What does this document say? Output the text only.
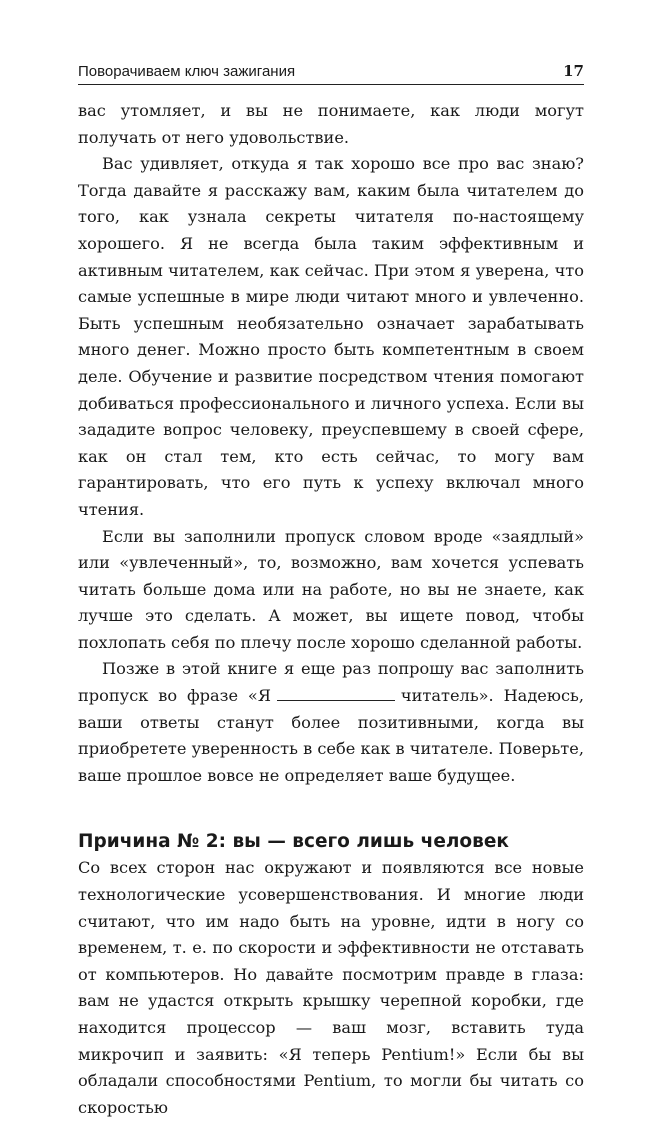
Поворачиваем ключ зажигания	17

вас утомляет, и вы не понимаете, как люди могут получать от него удовольствие.

Вас удивляет, откуда я так хорошо все про вас знаю? Тогда давайте я расскажу вам, каким была читателем до того, как узнала секреты читателя по-настоящему хорошего. Я не всегда была таким эффективным и активным читателем, как сейчас. При этом я уверена, что самые успешные в мире люди читают много и увлеченно. Быть успешным необязательно означает зарабатывать много денег. Можно просто быть компетентным в своем деле. Обучение и развитие посредством чтения помогают добиваться профессионального и личного успеха. Если вы зададите вопрос человеку, преуспевшему в своей сфере, как он стал тем, кто есть сейчас, то могу вам гарантировать, что его путь к успеху включал много чтения.

Если вы заполнили пропуск словом вроде «заядлый» или «увлеченный», то, возможно, вам хочется успевать читать больше дома или на работе, но вы не знаете, как лучше это сделать. А может, вы ищете повод, чтобы похлопать себя по плечу после хорошо сделанной работы.

Позже в этой книге я еще раз попрошу вас заполнить пропуск во фразе «Я	читатель». Надеюсь, ваши ответы станут более позитивными, когда вы приобретете уверенность в себе как в читателе. Поверьте, ваше прошлое вовсе не определяет ваше будущее.

Причина № 2: вы — всего лишь человек

Со всех сторон нас окружают и появляются все новые технологические усовершенствования. И многие люди считают, что им надо быть на уровне, идти в ногу со временем, т. е. по скорости и эффективности не отставать от компьютеров. Но давайте посмотрим правде в глаза: вам не удастся открыть крышку черепной коробки, где находится процессор — ваш мозг, вставить туда микрочип и заявить: «Я теперь Pentium!» Если бы вы обладали способностями Pentium, то могли бы читать со скоростью
